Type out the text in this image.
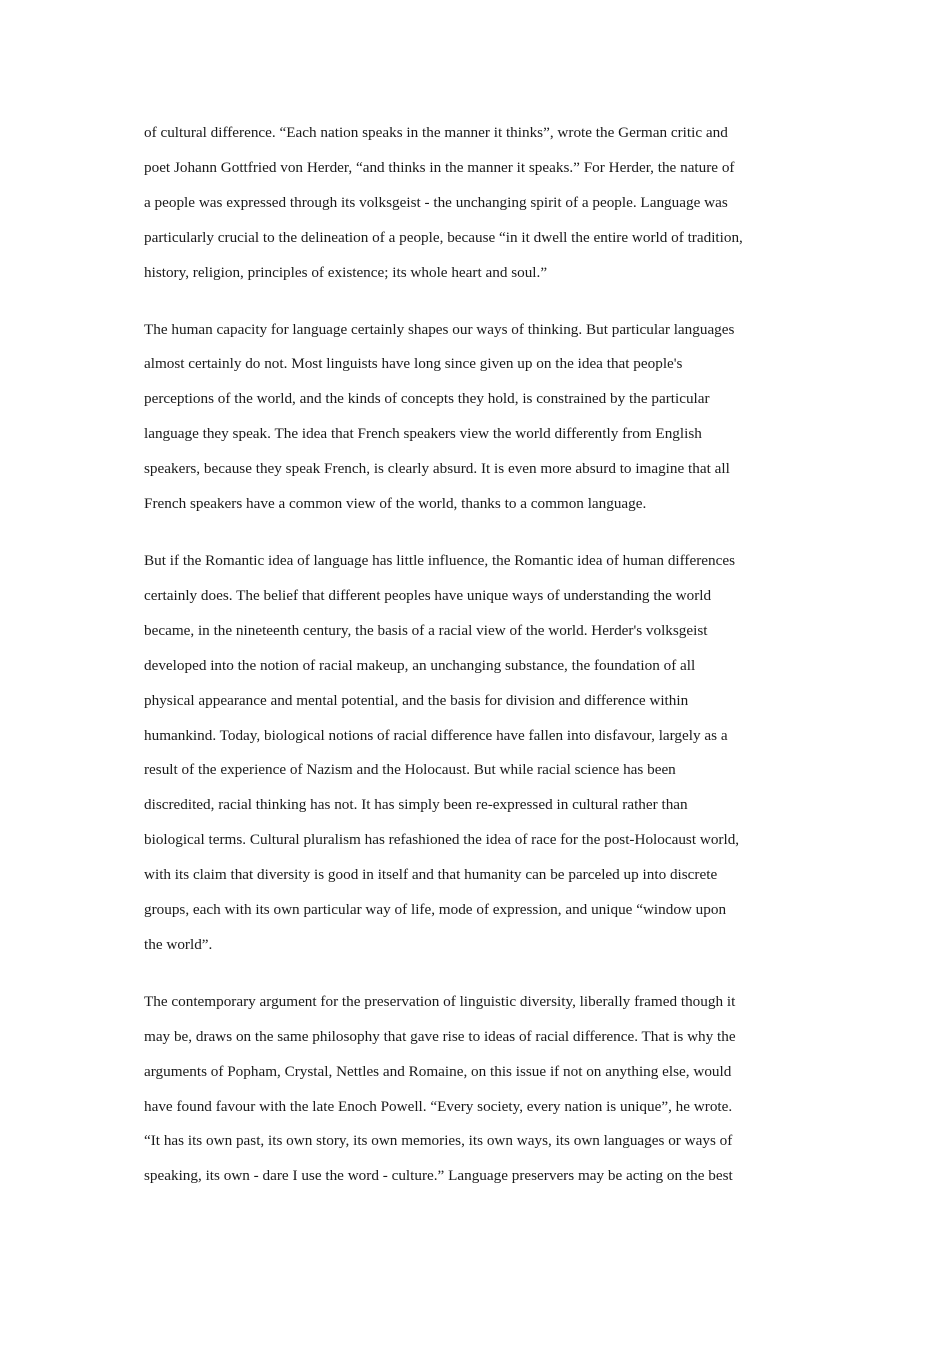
of cultural difference. “Each nation speaks in the manner it thinks”, wrote the German critic and
poet Johann Gottfried von Herder, “and thinks in the manner it speaks.” For Herder, the nature of
a people was expressed through its volksgeist - the unchanging spirit of a people. Language was
particularly crucial to the delineation of a people, because “in it dwell the entire world of tradition,
history, religion, principles of existence; its whole heart and soul.”

The human capacity for language certainly shapes our ways of thinking. But particular languages
almost certainly do not. Most linguists have long since given up on the idea that people's
perceptions of the world, and the kinds of concepts they hold, is constrained by the particular
language they speak. The idea that French speakers view the world differently from English
speakers, because they speak French, is clearly absurd. It is even more absurd to imagine that all
French speakers have a common view of the world, thanks to a common language.

But if the Romantic idea of language has little influence, the Romantic idea of human differences
certainly does. The belief that different peoples have unique ways of understanding the world
became, in the nineteenth century, the basis of a racial view of the world. Herder's volksgeist
developed into the notion of racial makeup, an unchanging substance, the foundation of all
physical appearance and mental potential, and the basis for division and difference within
humankind. Today, biological notions of racial difference have fallen into disfavour, largely as a
result of the experience of Nazism and the Holocaust. But while racial science has been
discredited, racial thinking has not. It has simply been re-expressed in cultural rather than
biological terms. Cultural pluralism has refashioned the idea of race for the post-Holocaust world,
with its claim that diversity is good in itself and that humanity can be parceled up into discrete
groups, each with its own particular way of life, mode of expression, and unique “window upon
the world”.

The contemporary argument for the preservation of linguistic diversity, liberally framed though it
may be, draws on the same philosophy that gave rise to ideas of racial difference. That is why the
arguments of Popham, Crystal, Nettles and Romaine, on this issue if not on anything else, would
have found favour with the late Enoch Powell. “Every society, every nation is unique”, he wrote.
“It has its own past, its own story, its own memories, its own ways, its own languages or ways of
speaking, its own - dare I use the word - culture.” Language preservers may be acting on the best
